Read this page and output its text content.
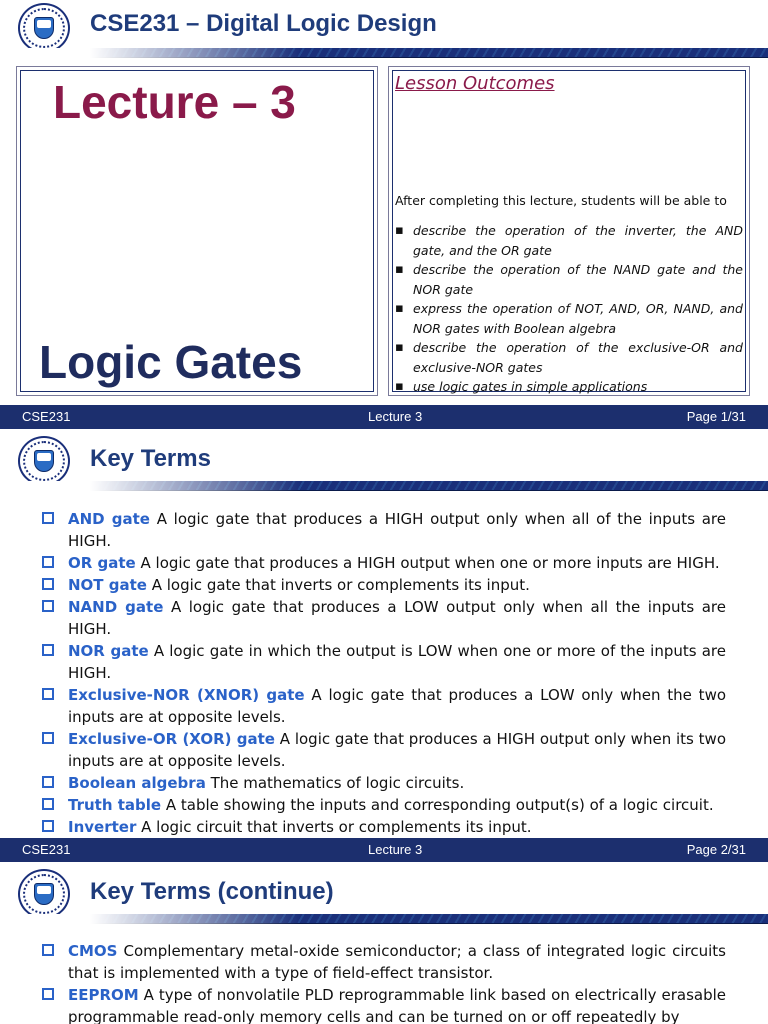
CSE231 – Digital Logic Design
Lecture – 3
Logic Gates
Lesson Outcomes
After completing this lecture, students will be able to
▪ describe the operation of the inverter, the AND gate, and the OR gate
▪ describe the operation of the NAND gate and the NOR gate
▪ express the operation of NOT, AND, OR, NAND, and NOR gates with Boolean algebra
▪ describe the operation of the exclusive-OR and exclusive-NOR gates
▪ use logic gates in simple applications
CSE231	Lecture 3	Page 1/31
Key Terms
AND gate A logic gate that produces a HIGH output only when all of the inputs are HIGH.
OR gate A logic gate that produces a HIGH output when one or more inputs are HIGH.
NOT gate A logic gate that inverts or complements its input.
NAND gate A logic gate that produces a LOW output only when all the inputs are HIGH.
NOR gate A logic gate in which the output is LOW when one or more of the inputs are HIGH.
Exclusive-NOR (XNOR) gate A logic gate that produces a LOW only when the two inputs are at opposite levels.
Exclusive-OR (XOR) gate A logic gate that produces a HIGH output only when its two inputs are at opposite levels.
Boolean algebra The mathematics of logic circuits.
Truth table A table showing the inputs and corresponding output(s) of a logic circuit.
Inverter A logic circuit that inverts or complements its input.
CSE231	Lecture 3	Page 2/31
Key Terms (continue)
CMOS Complementary metal-oxide semiconductor; a class of integrated logic circuits that is implemented with a type of field-effect transistor.
EEPROM A type of nonvolatile PLD reprogrammable link based on electrically erasable programmable read-only memory cells and can be turned on or off repeatedly by
